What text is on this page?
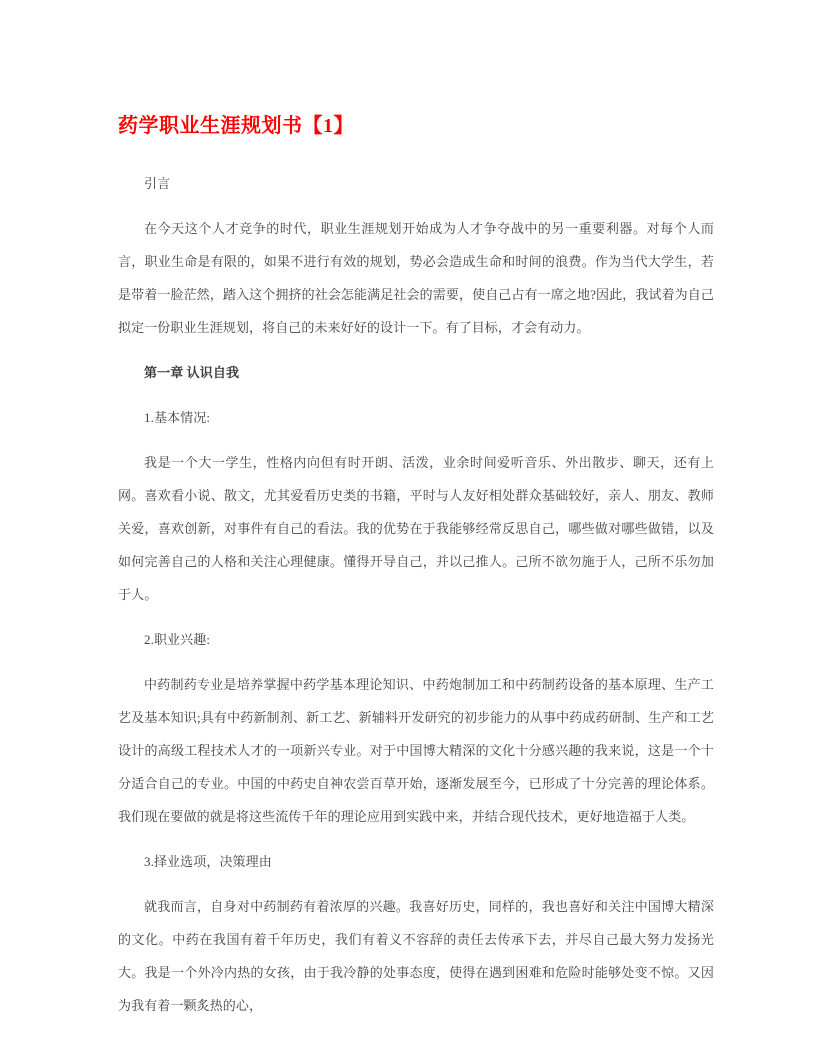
药学职业生涯规划书【1】

引言

在今天这个人才竞争的时代，职业生涯规划开始成为人才争夺战中的另一重要利器。对每个人而言，职业生命是有限的，如果不进行有效的规划，势必会造成生命和时间的浪费。作为当代大学生，若是带着一脸茫然，踏入这个拥挤的社会怎能满足社会的需要，使自己占有一席之地?因此，我试着为自己拟定一份职业生涯规划，将自己的未来好好的设计一下。有了目标，才会有动力。

第一章 认识自我

1.基本情况:

我是一个大一学生，性格内向但有时开朗、活泼，业余时间爱听音乐、外出散步、聊天，还有上网。喜欢看小说、散文，尤其爱看历史类的书籍，平时与人友好相处群众基础较好，亲人、朋友、教师关爱，喜欢创新，对事件有自己的看法。我的优势在于我能够经常反思自己，哪些做对哪些做错，以及如何完善自己的人格和关注心理健康。懂得开导自己，并以己推人。己所不欲勿施于人，己所不乐勿加于人。

2.职业兴趣:

中药制药专业是培养掌握中药学基本理论知识、中药炮制加工和中药制药设备的基本原理、生产工艺及基本知识;具有中药新制剂、新工艺、新辅料开发研究的初步能力的从事中药成药研制、生产和工艺设计的高级工程技术人才的一项新兴专业。对于中国博大精深的文化十分感兴趣的我来说，这是一个十分适合自己的专业。中国的中药史自神农尝百草开始，逐渐发展至今，已形成了十分完善的理论体系。我们现在要做的就是将这些流传千年的理论应用到实践中来，并结合现代技术，更好地造福于人类。

3.择业选项，决策理由

就我而言，自身对中药制药有着浓厚的兴趣。我喜好历史，同样的，我也喜好和关注中国博大精深的文化。中药在我国有着千年历史，我们有着义不容辞的责任去传承下去，并尽自己最大努力发扬光大。我是一个外冷内热的女孩，由于我冷静的处事态度，使得在遇到困难和危险时能够处变不惊。又因为我有着一颗炙热的心，
